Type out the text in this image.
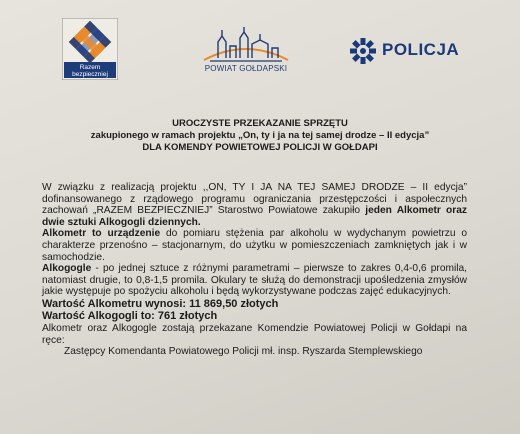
Razem
bezpieczniej
POWIAT GOŁDAPSKI
POLICJA
UROCZYSTE PRZEKAZANIE SPRZĘTU
zakupionego w ramach projektu „On, ty i ja na tej samej drodze – II edycja”
DLA KOMENDY POWIETOWEJ POLICJI W GOŁDAPI

W związku z realizacją projektu ,,ON, TY I JA NA TEJ SAMEJ DRODZE – II edycja” dofinansowanego z rządowego programu ograniczania przestępczości i aspołecznych zachowań „RAZEM BEZPIECZNIEJ” Starostwo Powiatowe zakupiło jeden Alkometr oraz dwie sztuki Alkogogli dziennych.

Alkometr to urządzenie do pomiaru stężenia par alkoholu w wydychanym powietrzu o charakterze przenośno – stacjonarnym, do użytku w pomieszczeniach zamkniętych jak i w samochodzie.

Alkogogle - po jednej sztuce z różnymi parametrami – pierwsze to zakres 0,4-0,6 promila, natomiast drugie, to 0,8-1,5 promila. Okulary te służą do demonstracji upośledzenia zmysłów jakie występuje po spożyciu alkoholu i będą wykorzystywane podczas zajęć edukacyjnych.

Wartość Alkometru wynosi: 11 869,50 złotych

Wartość Alkogogli to: 761 złotych

Alkometr oraz Alkogogle zostają przekazane Komendzie Powiatowej Policji w Gołdapi na ręce:

Zastępcy Komendanta Powiatowego Policji mł. insp. Ryszarda Stemplewskiego
